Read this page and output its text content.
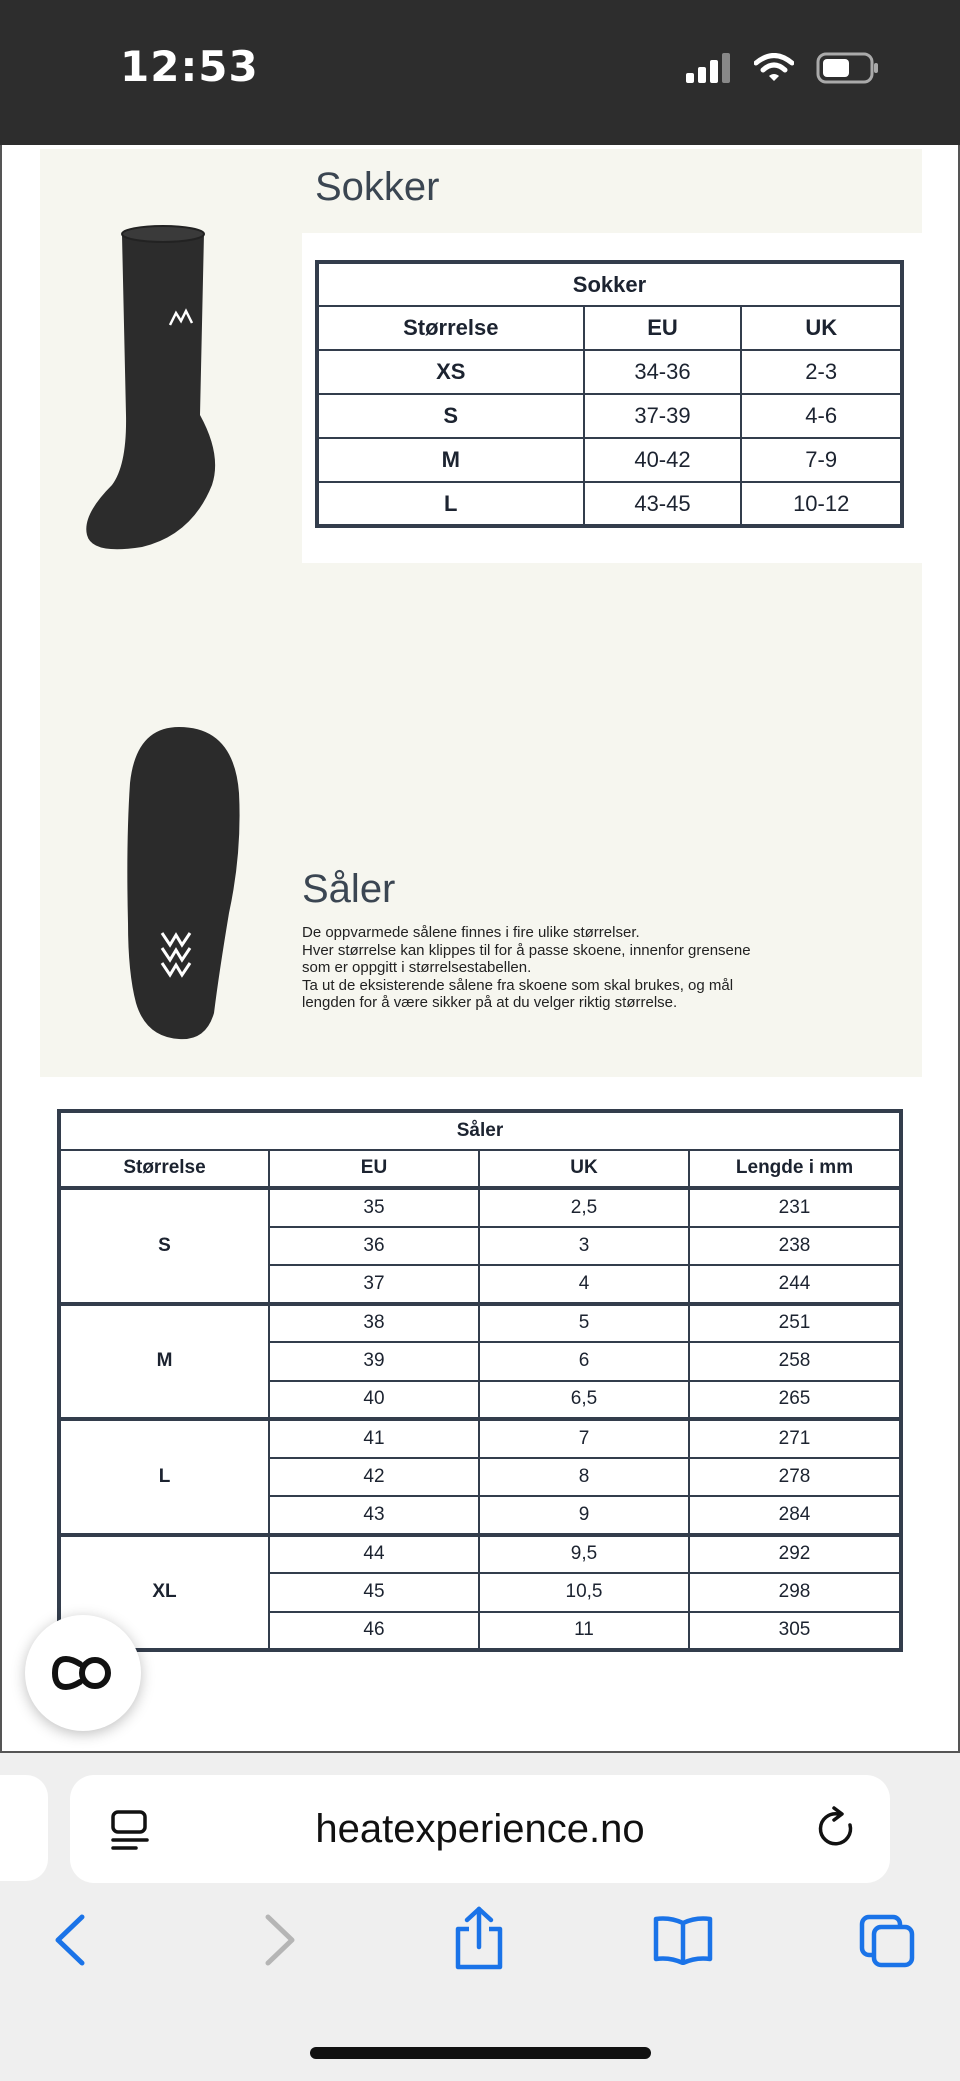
12:53
Sokker
Sokker		
Størrelse	EU	UK
XS	34-36	2-3
S	37-39	4-6
M	40-42	7-9
L	43-45	10-12
Såler
De oppvarmede sålene finnes i fire ulike størrelser.
Hver størrelse kan klippes til for å passe skoene, innenfor grensene
som er oppgitt i størrelsestabellen.
Ta ut de eksisterende sålene fra skoene som skal brukes, og mål
lengden for å være sikker på at du velger riktig størrelse.
Såler			
Størrelse	EU	UK	Lengde i mm
S	35	2,5	231
	36	3	238
	37	4	244
M	38	5	251
	39	6	258
	40	6,5	265
L	41	7	271
	42	8	278
	43	9	284
XL	44	9,5	292
	45	10,5	298
	46	11	305
heatexperience.no
